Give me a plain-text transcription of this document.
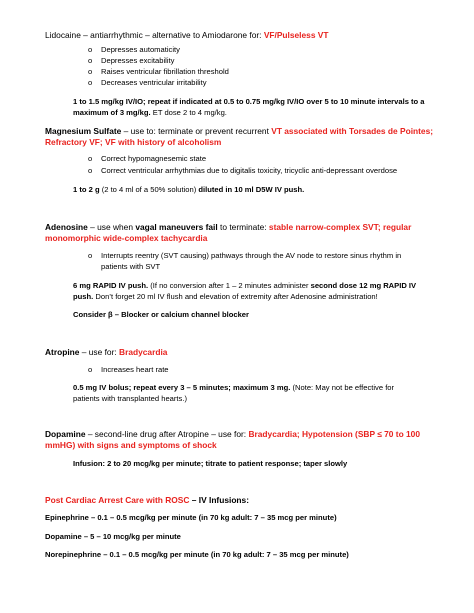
Lidocaine – antiarrhythmic – alternative to Amiodarone for: VF/Pulseless VT
o Depresses automaticity
o Depresses excitability
o Raises ventricular fibrillation threshold
o Decreases ventricular irritability
1 to 1.5 mg/kg IV/IO; repeat if indicated at 0.5 to 0.75 mg/kg IV/IO over 5 to 10 minute intervals to a
maximum of 3 mg/kg. ET dose 2 to 4 mg/kg.
Magnesium Sulfate – use to: terminate or prevent recurrent VT associated with Torsades de Pointes;
Refractory VF; VF with history of alcoholism
o Correct hypomagnesemic state
o Correct ventricular arrhythmias due to digitalis toxicity, tricyclic anti-depressant overdose
1 to 2 g (2 to 4 ml of a 50% solution) diluted in 10 ml D5W IV push.
Adenosine – use when vagal maneuvers fail to terminate: stable narrow-complex SVT; regular
monomorphic wide-complex tachycardia
o Interrupts reentry (SVT causing) pathways through the AV node to restore sinus rhythm in
patients with SVT
6 mg RAPID IV push. (If no conversion after 1 – 2 minutes administer second dose 12 mg RAPID IV
push. Don’t forget 20 ml IV flush and elevation of extremity after Adenosine administration!
Consider β – Blocker or calcium channel blocker
Atropine – use for: Bradycardia
o Increases heart rate
0.5 mg IV bolus; repeat every 3 – 5 minutes; maximum 3 mg. (Note: May not be effective for
patients with transplanted hearts.)
Dopamine – second-line drug after Atropine – use for: Bradycardia; Hypotension (SBP ≤ 70 to 100
mmHG) with signs and symptoms of shock
Infusion: 2 to 20 mcg/kg per minute; titrate to patient response; taper slowly
Post Cardiac Arrest Care with ROSC – IV Infusions:
Epinephrine – 0.1 – 0.5 mcg/kg per minute (in 70 kg adult: 7 – 35 mcg per minute)
Dopamine – 5 – 10 mcg/kg per minute
Norepinephrine – 0.1 – 0.5 mcg/kg per minute (in 70 kg adult: 7 – 35 mcg per minute)
